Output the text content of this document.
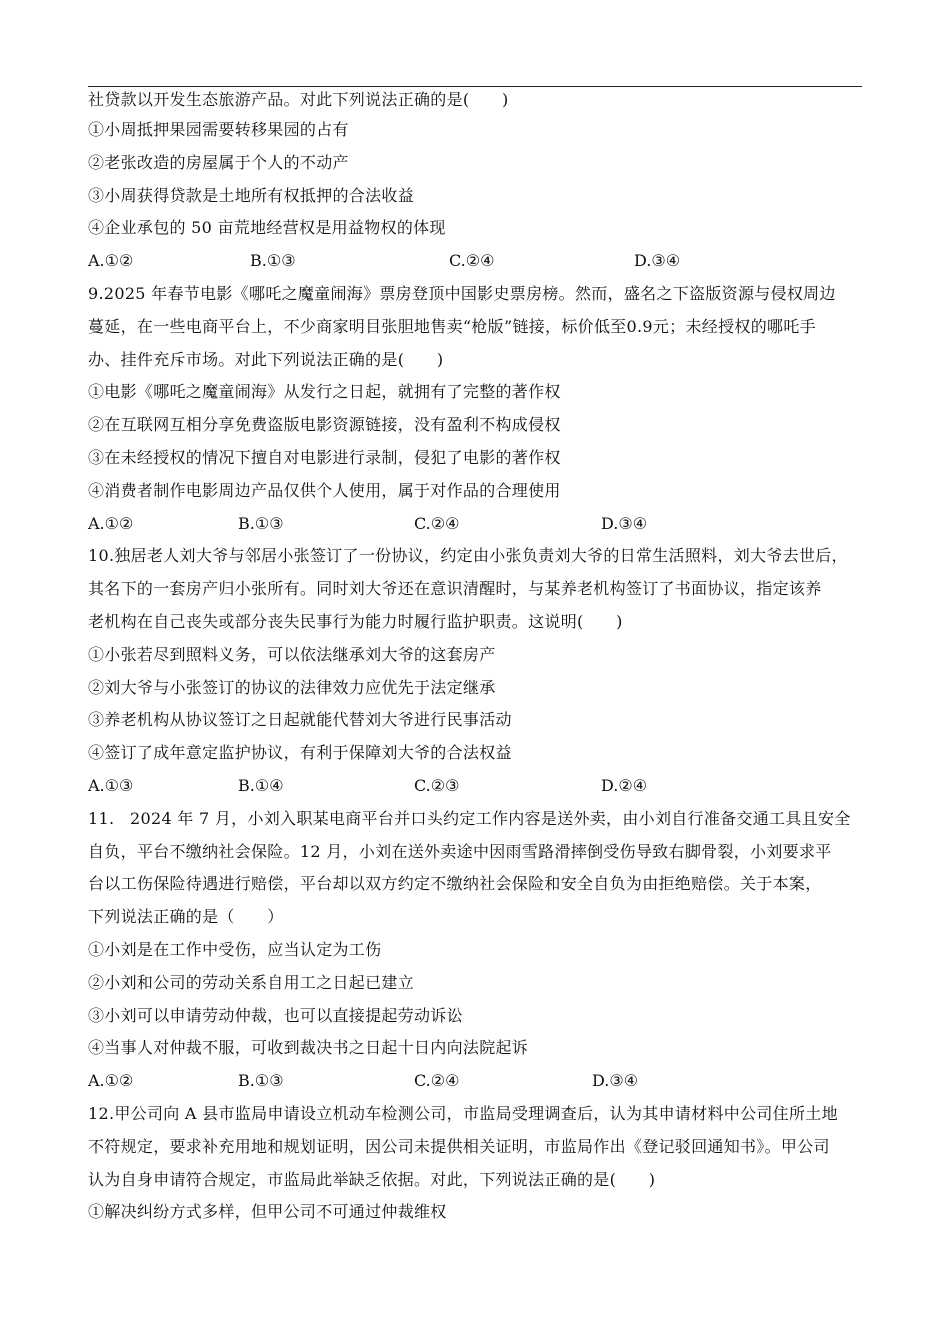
社贷款以开发生态旅游产品。对此下列说法正确的是(　　)
①小周抵押果园需要转移果园的占有
②老张改造的房屋属于个人的不动产
③小周获得贷款是土地所有权抵押的合法收益
④企业承包的 50 亩荒地经营权是用益物权的体现
A.①②	B.①③	C.②④	D.③④
9.2025 年春节电影《哪吒之魔童闹海》票房登顶中国影史票房榜。然而，盛名之下盗版资源与侵权周边
蔓延，在一些电商平台上，不少商家明目张胆地售卖“枪版”链接，标价低至0.9元；未经授权的哪吒手
办、挂件充斥市场。对此下列说法正确的是(　　)
①电影《哪吒之魔童闹海》从发行之日起，就拥有了完整的著作权
②在互联网互相分享免费盗版电影资源链接，没有盈利不构成侵权
③在未经授权的情况下擅自对电影进行录制，侵犯了电影的著作权
④消费者制作电影周边产品仅供个人使用，属于对作品的合理使用
A.①②	B.①③	C.②④	D.③④
10.独居老人刘大爷与邻居小张签订了一份协议，约定由小张负责刘大爷的日常生活照料，刘大爷去世后，
其名下的一套房产归小张所有。同时刘大爷还在意识清醒时，与某养老机构签订了书面协议，指定该养
老机构在自己丧失或部分丧失民事行为能力时履行监护职责。这说明(　　)
①小张若尽到照料义务，可以依法继承刘大爷的这套房产
②刘大爷与小张签订的协议的法律效力应优先于法定继承
③养老机构从协议签订之日起就能代替刘大爷进行民事活动
④签订了成年意定监护协议，有利于保障刘大爷的合法权益
A.①③	B.①④	C.②③	D.②④
11. 2024 年 7 月，小刘入职某电商平台并口头约定工作内容是送外卖，由小刘自行准备交通工具且安全
自负，平台不缴纳社会保险。12 月，小刘在送外卖途中因雨雪路滑摔倒受伤导致右脚骨裂，小刘要求平
台以工伤保险待遇进行赔偿，平台却以双方约定不缴纳社会保险和安全自负为由拒绝赔偿。关于本案，
下列说法正确的是（　　）
①小刘是在工作中受伤，应当认定为工伤
②小刘和公司的劳动关系自用工之日起已建立
③小刘可以申请劳动仲裁，也可以直接提起劳动诉讼
④当事人对仲裁不服，可收到裁决书之日起十日内向法院起诉
A.①②	B.①③	C.②④	D.③④
12.甲公司向 A 县市监局申请设立机动车检测公司，市监局受理调查后，认为其申请材料中公司住所土地
不符规定，要求补充用地和规划证明，因公司未提供相关证明，市监局作出《登记驳回通知书》。甲公司
认为自身申请符合规定，市监局此举缺乏依据。对此，下列说法正确的是(　　)
①解决纠纷方式多样，但甲公司不可通过仲裁维权
